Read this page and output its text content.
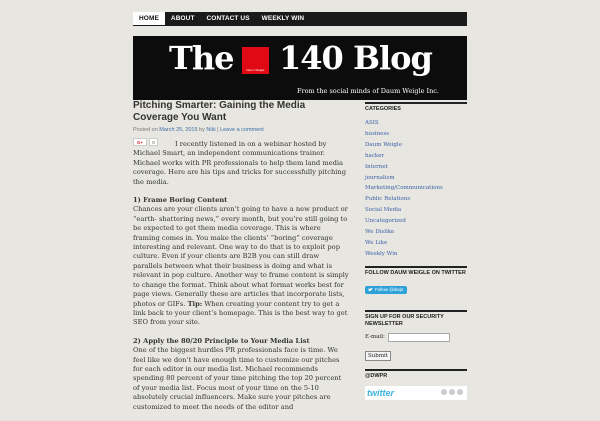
HOME	ABOUT	CONTACT US	WEEKLY WIN
The	Daum Weigle 140 Blog
From the social minds of Daum Weigle Inc.
Pitching Smarter: Gaining the Media Coverage You Want
Posted on March 25, 2015 by Niki | Leave a comment
G+	0	I recently listened in on a webinar hosted by Michael Smart, an independent communications trainer. Michael works with PR professionals to help them land media coverage. Here are his tips and tricks for successfully pitching the media.

1) Frame Boring Content

Chances are your clients aren’t going to have a new product or “earth- shattering news,” every month, but you’re still going to be expected to get them media coverage. This is where framing comes in. You make the clients’ “boring” coverage interesting and relevant. One way to do that is to exploit pop culture. Even if your clients are B2B you can still draw parallels between what their business is doing and what is relevant in pop culture. Another way to frame content is simply to change the format. Think about what format works best for page views. Generally these are articles that incorporate lists, photos or GIFs. Tip: When creating your content try to get a link back to your client’s homepage. This is the best way to get SEO from your site.

2) Apply the 80/20 Principle to Your Media List

One of the biggest hurdles PR professionals face is time. We feel like we don’t have enough time to customize our pitches for each editor in our media list. Michael recommends spending 80 percent of your time pitching the top 20 percent of your media list. Focus most of your time on the 5-10 absolutely crucial influencers. Make sure your pitches are customized to meet the needs of the editor and

CATEGORIES
ASIS
business
Daum Weigle
hacker
Internet
journalism
Marketing/Communications
Public Relations
Social Media
Uncategorized
We Dislike
We Like
Weekly Win
FOLLOW DAUM WEIGLE ON TWITTER
Follow @dwpr
SIGN UP FOR OUR SECURITY NEWSLETTER
E-mail:
Submit
@DWPR
twitter
